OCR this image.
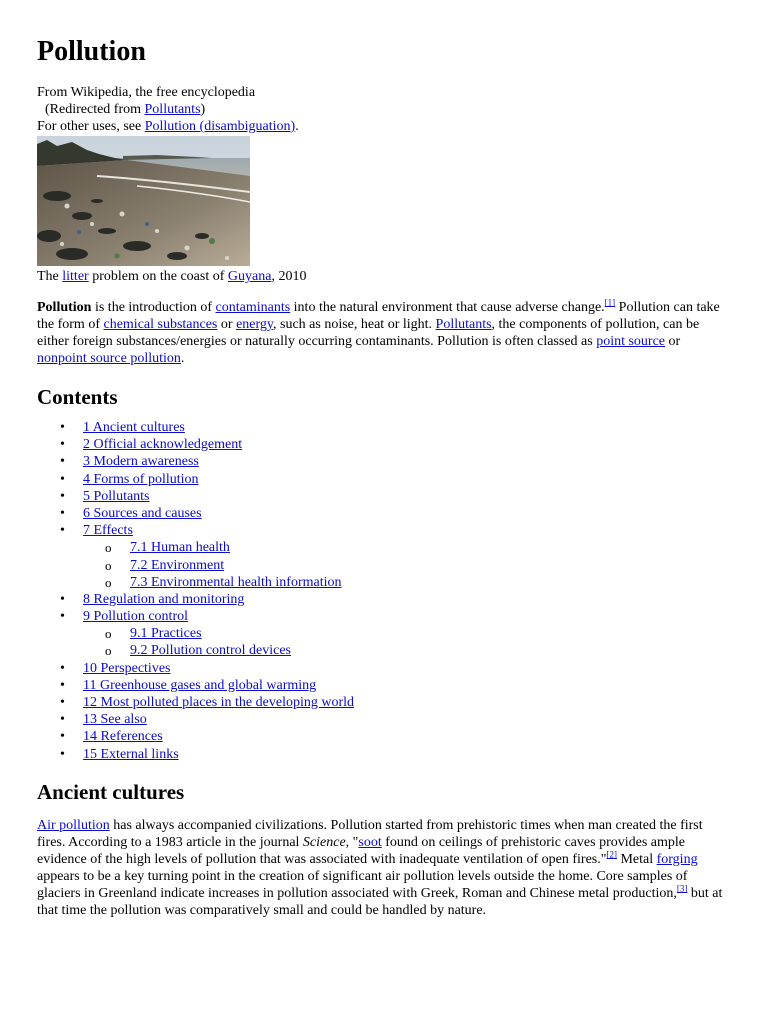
Pollution
From Wikipedia, the free encyclopedia
(Redirected from Pollutants)
For other uses, see Pollution (disambiguation).
The litter problem on the coast of Guyana, 2010

Pollution is the introduction of contaminants into the natural environment that cause adverse change.[1] Pollution can take the form of chemical substances or energy, such as noise, heat or light. Pollutants, the components of pollution, can be either foreign substances/energies or naturally occurring contaminants. Pollution is often classed as point source or nonpoint source pollution.

Contents
• 1 Ancient cultures
• 2 Official acknowledgement
• 3 Modern awareness
• 4 Forms of pollution
• 5 Pollutants
• 6 Sources and causes
• 7 Effects
o 7.1 Human health
o 7.2 Environment
o 7.3 Environmental health information
• 8 Regulation and monitoring
• 9 Pollution control
o 9.1 Practices
o 9.2 Pollution control devices
• 10 Perspectives
• 11 Greenhouse gases and global warming
• 12 Most polluted places in the developing world
• 13 See also
• 14 References
• 15 External links
Ancient cultures

Air pollution has always accompanied civilizations. Pollution started from prehistoric times when man created the first fires. According to a 1983 article in the journal Science, "soot found on ceilings of prehistoric caves provides ample evidence of the high levels of pollution that was associated with inadequate ventilation of open fires."[2] Metal forging appears to be a key turning point in the creation of significant air pollution levels outside the home. Core samples of glaciers in Greenland indicate increases in pollution associated with Greek, Roman and Chinese metal production,[3] but at that time the pollution was comparatively small and could be handled by nature.
